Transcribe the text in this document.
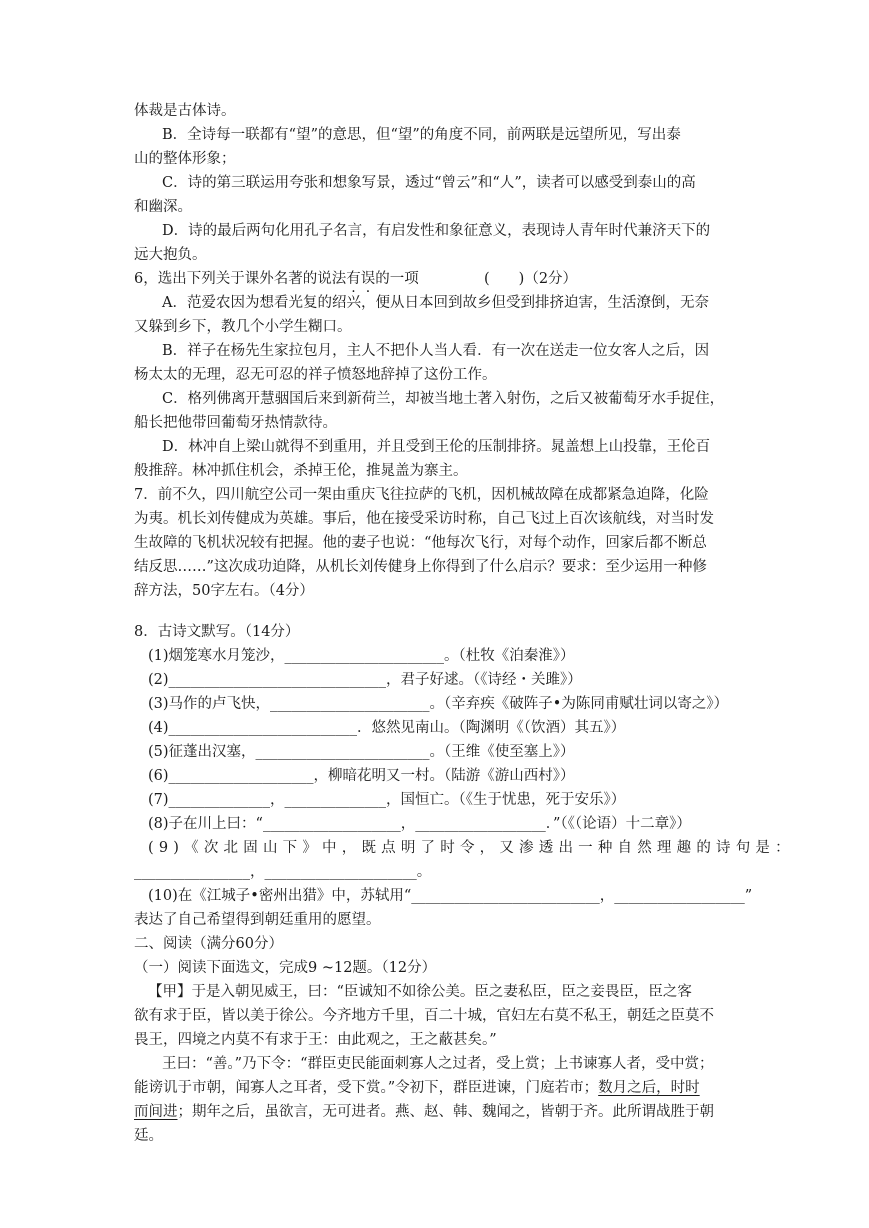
体裁是古体诗。
B．全诗每一联都有“望”的意思，但“望”的角度不同，前两联是远望所见，写出泰
山的整体形象；
C．诗的第三联运用夸张和想象写景，透过“曾云”和“人”，读者可以感受到泰山的高
和幽深。
D．诗的最后两句化用孔子名言，有启发性和象征意义，表现诗人青年时代兼济天下的
远大抱负。
6，选出下列关于课外名著的说法有误的一项	(　　)（2分）
A．范爱农因为想看光复的绍兴，便从日本回到故乡但受到排挤迫害，生活潦倒，无奈
又躲到乡下，教几个小学生糊口。
B．祥子在杨先生家拉包月，主人不把仆人当人看．有一次在送走一位女客人之后，因
杨太太的无理，忍无可忍的祥子愤怒地辞掉了这份工作。
C．格列佛离开慧骃国后来到新荷兰，却被当地土著入射伤，之后又被葡萄牙水手捉住，
船长把他带回葡萄牙热情款待。
D．林冲自上梁山就得不到重用，并且受到王伦的压制排挤。晁盖想上山投靠，王伦百
般推辞。林冲抓住机会，杀掉王伦，推晁盖为寨主。
7．前不久，四川航空公司一架由重庆飞往拉萨的飞机，因机械故障在成都紧急迫降，化险
为夷。机长刘传健成为英雄。事后，他在接受采访时称，自己飞过上百次该航线，对当时发
生故障的飞机状况较有把握。他的妻子也说：“他每次飞行，对每个动作，回家后都不断总
结反思……”这次成功迫降，从机长刘传健身上你得到了什么启示？要求：至少运用一种修
辞方法，50字左右。（4分）
8．古诗文默写。（14分）
(1)烟笼寒水月笼沙，______________________。（杜牧《泊秦淮》）
(2)______________________________，君子好逑。（《诗经・关雎》）
(3)马作的卢飞快，______________________。（辛弃疾《破阵子•为陈同甫赋壮词以寄之》）
(4)__________________________．悠然见南山。（陶渊明《（饮酒）其五》）
(5)征蓬出汉塞，________________________。（王维《使至塞上》）
(6)____________________，柳暗花明又一村。（陆游《游山西村》）
(7)______________，______________，国恒亡。（《生于忧患，死于安乐》）
(8)子在川上曰：“___________________，__________________．”（《（论语）十二章》）
(9)《次北固山下》中，既点明了时令，又渗透出一种自然理趣的诗句是：
________________，_____________________。
(10)在《江城子•密州出猎》中，苏轼用“__________________________，__________________”
表达了自己希望得到朝廷重用的愿望。
二、阅读（满分60分）
（一）阅读下面选文，完成9 ~12题。（12分）
【甲】于是入朝见威王，曰：“臣诚知不如徐公美。臣之妻私臣，臣之妾畏臣，臣之客
欲有求于臣，皆以美于徐公。今齐地方千里，百二十城，官妇左右莫不私王，朝廷之臣莫不
畏王，四境之内莫不有求于王：由此观之，王之蔽甚矣。”
王曰：“善。”乃下令：“群臣吏民能面刺寡人之过者，受上赏；上书谏寡人者，受中赏；
能谤讥于市朝，闻寡人之耳者，受下赏。”令初下，群臣进谏，门庭若市；数月之后，时时
而间进；期年之后，虽欲言，无可进者。燕、赵、韩、魏闻之，皆朝于齐。此所谓战胜于朝
廷。
